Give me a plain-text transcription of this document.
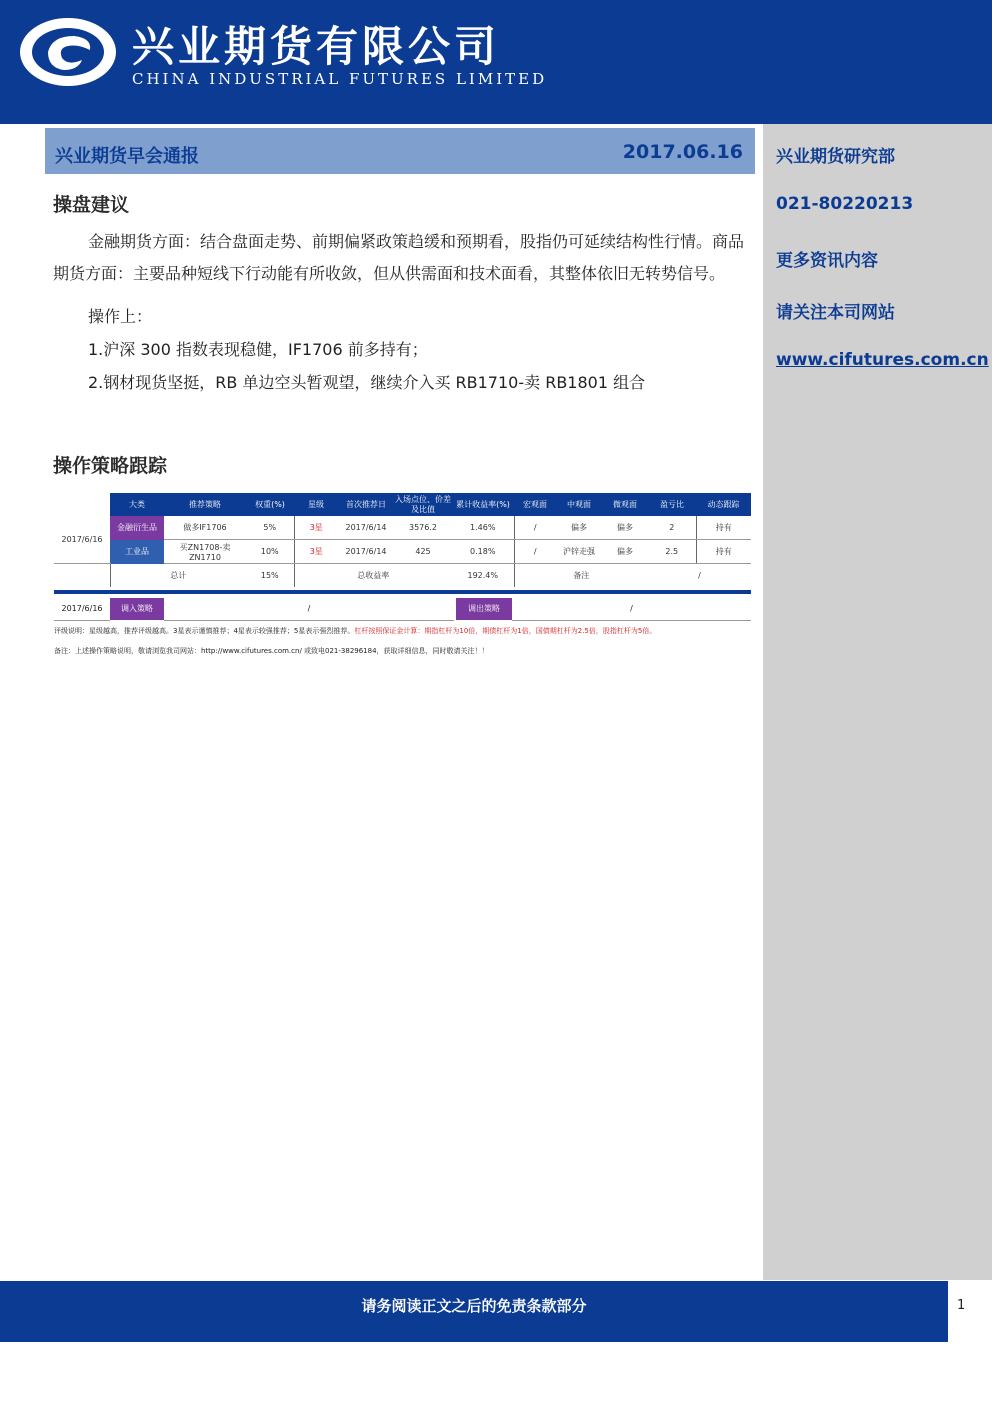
兴业期货有限公司
CHINA INDUSTRIAL FUTURES LIMITED
兴业期货研究部
021-80220213
更多资讯内容
请关注本司网站
www.cifutures.com.cn
兴业期货早会通报	2017.06.16
操盘建议
金融期货方面：结合盘面走势、前期偏紧政策趋缓和预期看，股指仍可延续结构性行情。商品期货方面：主要品种短线下行动能有所收敛，但从供需面和技术面看，其整体依旧无转势信号。
操作上：
1.沪深 300 指数表现稳健，IF1706 前多持有；
2.钢材现货坚挺，RB 单边空头暂观望，继续介入买 RB1710-卖 RB1801 组合
操作策略跟踪
	大类	推荐策略	权重(%)	星级	首次推荐日	入场点位、价差及比值	累计收益率(%)	宏观面	中观面	微观面	盈亏比	动态跟踪
2017/6/16	金融衍生品	做多IF1706	5%	3星	2017/6/14	3576.2	1.46%	/	偏多	偏多	2	持有
	工业品	买ZN1708-卖ZN1710	10%	3星	2017/6/14	425	0.18%	/	沪锌走强	偏多	2.5	持有
	总计		15%	总收益率			192.4%	备注			/	
2017/6/16	调入策略	/	调出策略	/
评级说明：星级越高，推荐评级越高。3星表示谨慎推荐；4星表示较强推荐；5星表示强烈推荐。杠杆按照保证金计算：期指杠杆为10倍，期债杠杆为1倍，国债期杠杆为2.5倍，股指杠杆为5倍。
备注：上述操作策略说明，敬请浏览我司网站：http://www.cifutures.com.cn/ 或致电021-38296184，获取详细信息，同时敬请关注！！
请务阅读正文之后的免责条款部分	1
